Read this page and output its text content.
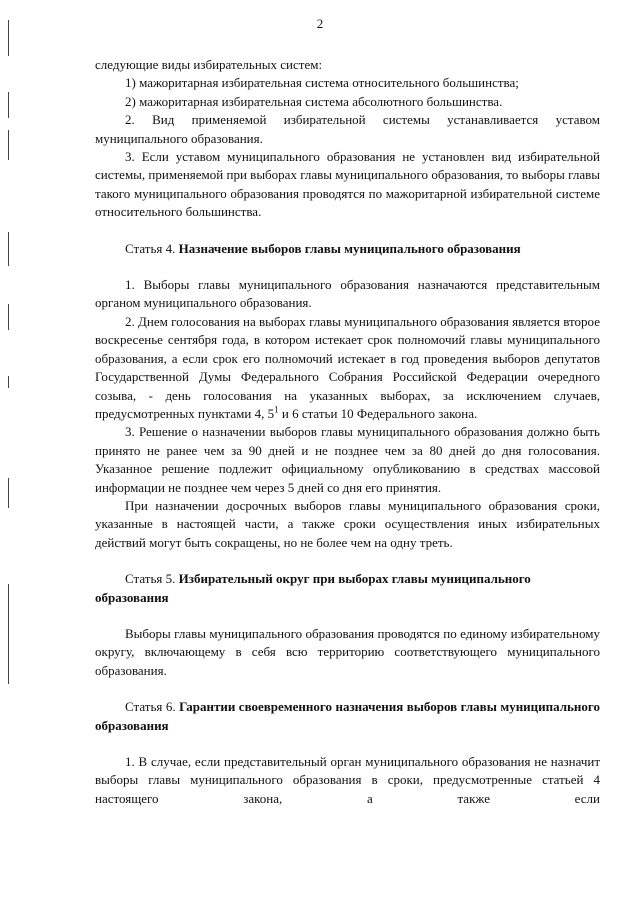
2

следующие виды избирательных систем:

1) мажоритарная избирательная система относительного большинства;

2) мажоритарная избирательная система абсолютного большинства.

2. Вид применяемой избирательной системы устанавливается уставом муниципального образования.

3. Если уставом муниципального образования не установлен вид избирательной системы, применяемой при выборах главы муниципального образования, то выборы главы такого муниципального образования проводятся по мажоритарной избирательной системе относительного большинства.

Статья 4. Назначение выборов главы муниципального образования

1. Выборы главы муниципального образования назначаются представительным органом муниципального образования.

2. Днем голосования на выборах главы муниципального образования является второе воскресенье сентября года, в котором истекает срок полномочий главы муниципального образования, а если срок его полномочий истекает в год проведения выборов депутатов Государственной Думы Федерального Собрания Российской Федерации очередного созыва, - день голосования на указанных выборах, за исключением случаев, предусмотренных пунктами 4, $5^1$ и 6 статьи 10 Федерального закона.

3. Решение о назначении выборов главы муниципального образования должно быть принято не ранее чем за 90 дней и не позднее чем за 80 дней до дня голосования. Указанное решение подлежит официальному опубликованию в средствах массовой информации не позднее чем через 5 дней со дня его принятия.

При назначении досрочных выборов главы муниципального образования сроки, указанные в настоящей части, а также сроки осуществления иных избирательных действий могут быть сокращены, но не более чем на одну треть.

Статья 5. Избирательный округ при выборах главы муниципального образования

Выборы главы муниципального образования проводятся по единому избирательному округу, включающему в себя всю территорию соответствующего муниципального образования.

Статья 6. Гарантии своевременного назначения выборов главы муниципального образования

1. В случае, если представительный орган муниципального образования не назначит выборы главы муниципального образования в сроки, предусмотренные статьей 4 настоящего закона, а также если
